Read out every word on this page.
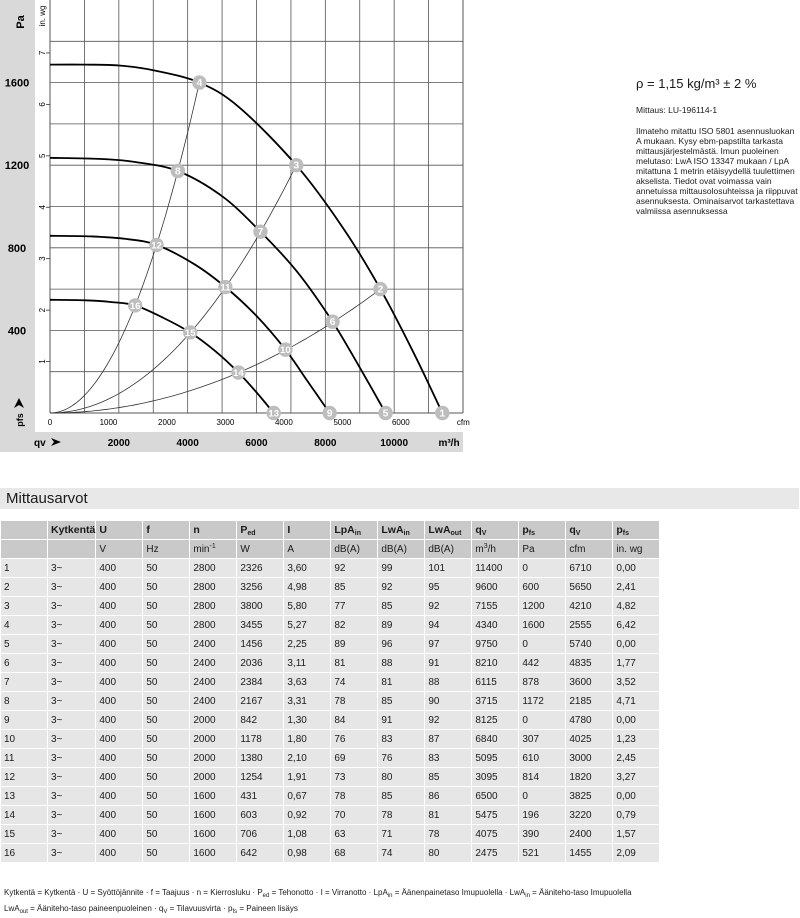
1
2
3
4
5
6
7
8
9
10
11
12
13
14
15
16
400
800
1200
1600
1
2
3
4
5
6
7
2000	4000	6000	8000	10000
0	1000	2000	3000	4000	5000	6000	cfm
Pa in. wg
pfs
qv	m³/h

ρ = 1,15 kg/m³ ± 2 %

Mittaus: LU-196114-1

Ilmateho mitattu ISO 5801 asennusluokan A mukaan. Kysy ebm-papstilta tarkasta mittausjärjestelmästä. Imun puoleinen melutaso: LwA ISO 13347 mukaan / LpA mitattuna 1 metrin etäisyydellä tuulettimen akselista. Tiedot ovat voimassa vain annetuissa mittausolosuhteissa ja riippuvat asennuksesta. Ominaisarvot tarkastettava valmiissa asennuksessa

Mittausarvot
	Kytkentä	U	f	n	$P_{ed}$	I	LpA$_{in}$	LwA$_{in}$	LwA$_{out}$	$q_V$	$p_{fs}$	$q_V$	$p_{fs}$
		V	Hz	$\min^{-1}$	W	A	dB(A)	dB(A)	dB(A)	$m^3/h$	Pa	cfm	in. wg
1	3~	400	50	2800	2326	3,60	92	99	101	11400	0	6710	0,00
2	3~	400	50	2800	3256	4,98	85	92	95	9600	600	5650	2,41
3	3~	400	50	2800	3800	5,80	77	85	92	7155	1200	4210	4,82
4	3~	400	50	2800	3455	5,27	82	89	94	4340	1600	2555	6,42
5	3~	400	50	2400	1456	2,25	89	96	97	9750	0	5740	0,00
6	3~	400	50	2400	2036	3,11	81	88	91	8210	442	4835	1,77
7	3~	400	50	2400	2384	3,63	74	81	88	6115	878	3600	3,52
8	3~	400	50	2400	2167	3,31	78	85	90	3715	1172	2185	4,71
9	3~	400	50	2000	842	1,30	84	91	92	8125	0	4780	0,00
10	3~	400	50	2000	1178	1,80	76	83	87	6840	307	4025	1,23
11	3~	400	50	2000	1380	2,10	69	76	83	5095	610	3000	2,45
12	3~	400	50	2000	1254	1,91	73	80	85	3095	814	1820	3,27
13	3~	400	50	1600	431	0,67	78	85	86	6500	0	3825	0,00
14	3~	400	50	1600	603	0,92	70	78	81	5475	196	3220	0,79
15	3~	400	50	1600	706	1,08	63	71	78	4075	390	2400	1,57
16	3~	400	50	1600	642	0,98	68	74	80	2475	521	1455	2,09
Kytkentä = Kytkentä · U = Syöttöjännite · f = Taajuus · n = Kierrosluku · $P_{ed}$ = Tehonotto · I = Virranotto · LpA$_{in}$ = Äänenpainetaso Imupuolella · LwA$_{in}$ = Äänitehо-taso Imupuolella
LwA$_{out}$ = Äänitehо-taso paineenpuoleinen · $q_V$ = Tilavuusvirta · $p_{fs}$ = Paineen lisäys
